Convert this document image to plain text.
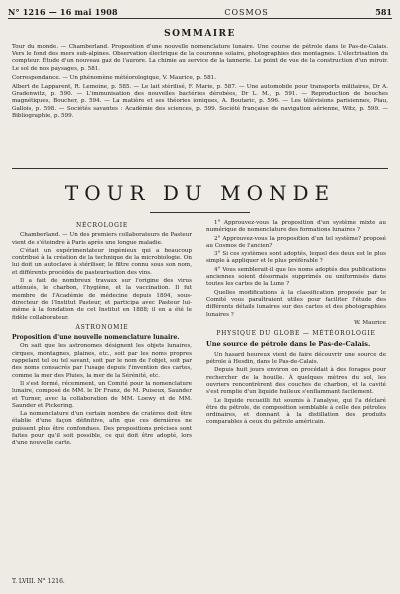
N° 1216 — 16 mai 1908	COSMOS	581
SOMMAIRE

Tour du monde. — Chamberland. Proposition d'une nouvelle nomenclature lunaire. Une course de pétrole dans le Pas-de-Calais. Vers le fond des mers sub-alpines. Observation électrique de la couronne solaire, photographies des montagnes. L'électrisation du compteur. Étude d'un nouveau gaz de l'aurore. La chimie au service de la tannerie. Le point de vue de la construction d'un miroir. Le sol de nos paysages, p. 581.

Correspondance. — Un phénomène météorologique, V. Maurice, p. 581.

Albert de Lapparent, R. Lemoine, p. 585. — Le lait stérilisé, F. Marie, p. 587. — Une automobile pour transports militaires, Dr A. Gradenwitz, p. 590. — L'immunisation des nouvelles bactéries dérobées, Dr L. M., p. 591. — Reproduction de bouches magnétiques, Boucher, p. 594. — La matière et ses théories ioniques, A. Boutaric, p. 596. — Les télévisions parisiennes, Piau, Gallois, p. 598. — Sociétés savantes : Académie des sciences, p. 599. Société française de navigation aérienne, Witz, p. 599. — Bibliographie, p. 599.

TOUR DU MONDE
NÉCROLOGIE

Chamberland. — Un des premiers collaborateurs de Pasteur vient de s'éteindre à Paris après une longue maladie.

C'était un expérimentateur ingénieux qui a beaucoup contribué à la création de la technique de la microbiologie. On lui doit un autoclave à stériliser, le filtre connu sous son nom, et différents procédés de pasteurisation des vins.

Il a fait de nombreux travaux sur l'origine des virus atténués, le charbon, l'hygiène, et la vaccination. Il fut membre de l'Académie de médecine depuis 1894, sous-directeur de l'Institut Pasteur, et participa avec Pasteur lui-même à la fondation de cet Institut en 1888; il en a été le fidèle collaborateur.

ASTRONOMIE
Proposition d'une nouvelle nomenclature lunaire.

On sait que les astronomes désignent les objets lunaires, cirques, montagnes, plaines, etc., soit par les noms propres rappelant tel ou tel savant, soit par le nom de l'objet, soit par des noms consacrés par l'usage depuis l'invention des cartes, comme la mer des Pluies, la mer de la Sérénité, etc.

Il s'est formé, récemment, un Comité pour la nomenclature lunaire, composé de MM. le Dr Franz, de M. Puiseux, Saunder et Turner, avec la collaboration de MM. Loewy et de MM. Saunder et Pickering.

La nomenclature d'un certain nombre de cratères doit être établie d'une façon définitive, afin que ces dernières ne puissent plus être confondues. Des propositions précises sont faites pour qu'il soit possible, ce qui doit être adopté, lors d'une nouvelle carte.

1° Approuvez-vous la proposition d'un système mixte au numérique de nomenclature des formations lunaires ?

2° Approuvez-vous la proposition d'un tel système? proposé au Cosmos de l'ancien?

3° Si ces systèmes sont adoptés, lequel des deux est le plus simple à appliquer et le plus préférable ?

4° Vous semblerait-il que les noms adoptés des publications anciennes soient désormais supprimés ou uniformisés dans toutes les cartes de la Lune ?

Quelles modifications à la classification proposée par le Comité vous paraîtraient utiles pour faciliter l'étude des différents détails lunaires sur des cartes et des photographies lunaires ?

W. Maurice
PHYSIQUE DU GLOBE — MÉTÉOROLOGIE
Une source de pétrole dans le Pas-de-Calais.

Un hasard heureux vient de faire découvrir une source de pétrole à Hesdin, dans le Pas-de-Calais.

Depuis huit jours environ on procédait à des forages pour rechercher de la houille. À quelques mètres du sol, les ouvriers rencontrèrent des couches de charbon, et la cavité s'est remplie d'un liquide huileux s'enflammant facilement.

Le liquide recueilli fut soumis à l'analyse, qui l'a déclaré être du pétrole, de composition semblable à celle des pétroles ordinaires, et donnant à la distillation des produits comparables à ceux du pétrole américain.

T. LVIII. N° 1216.
